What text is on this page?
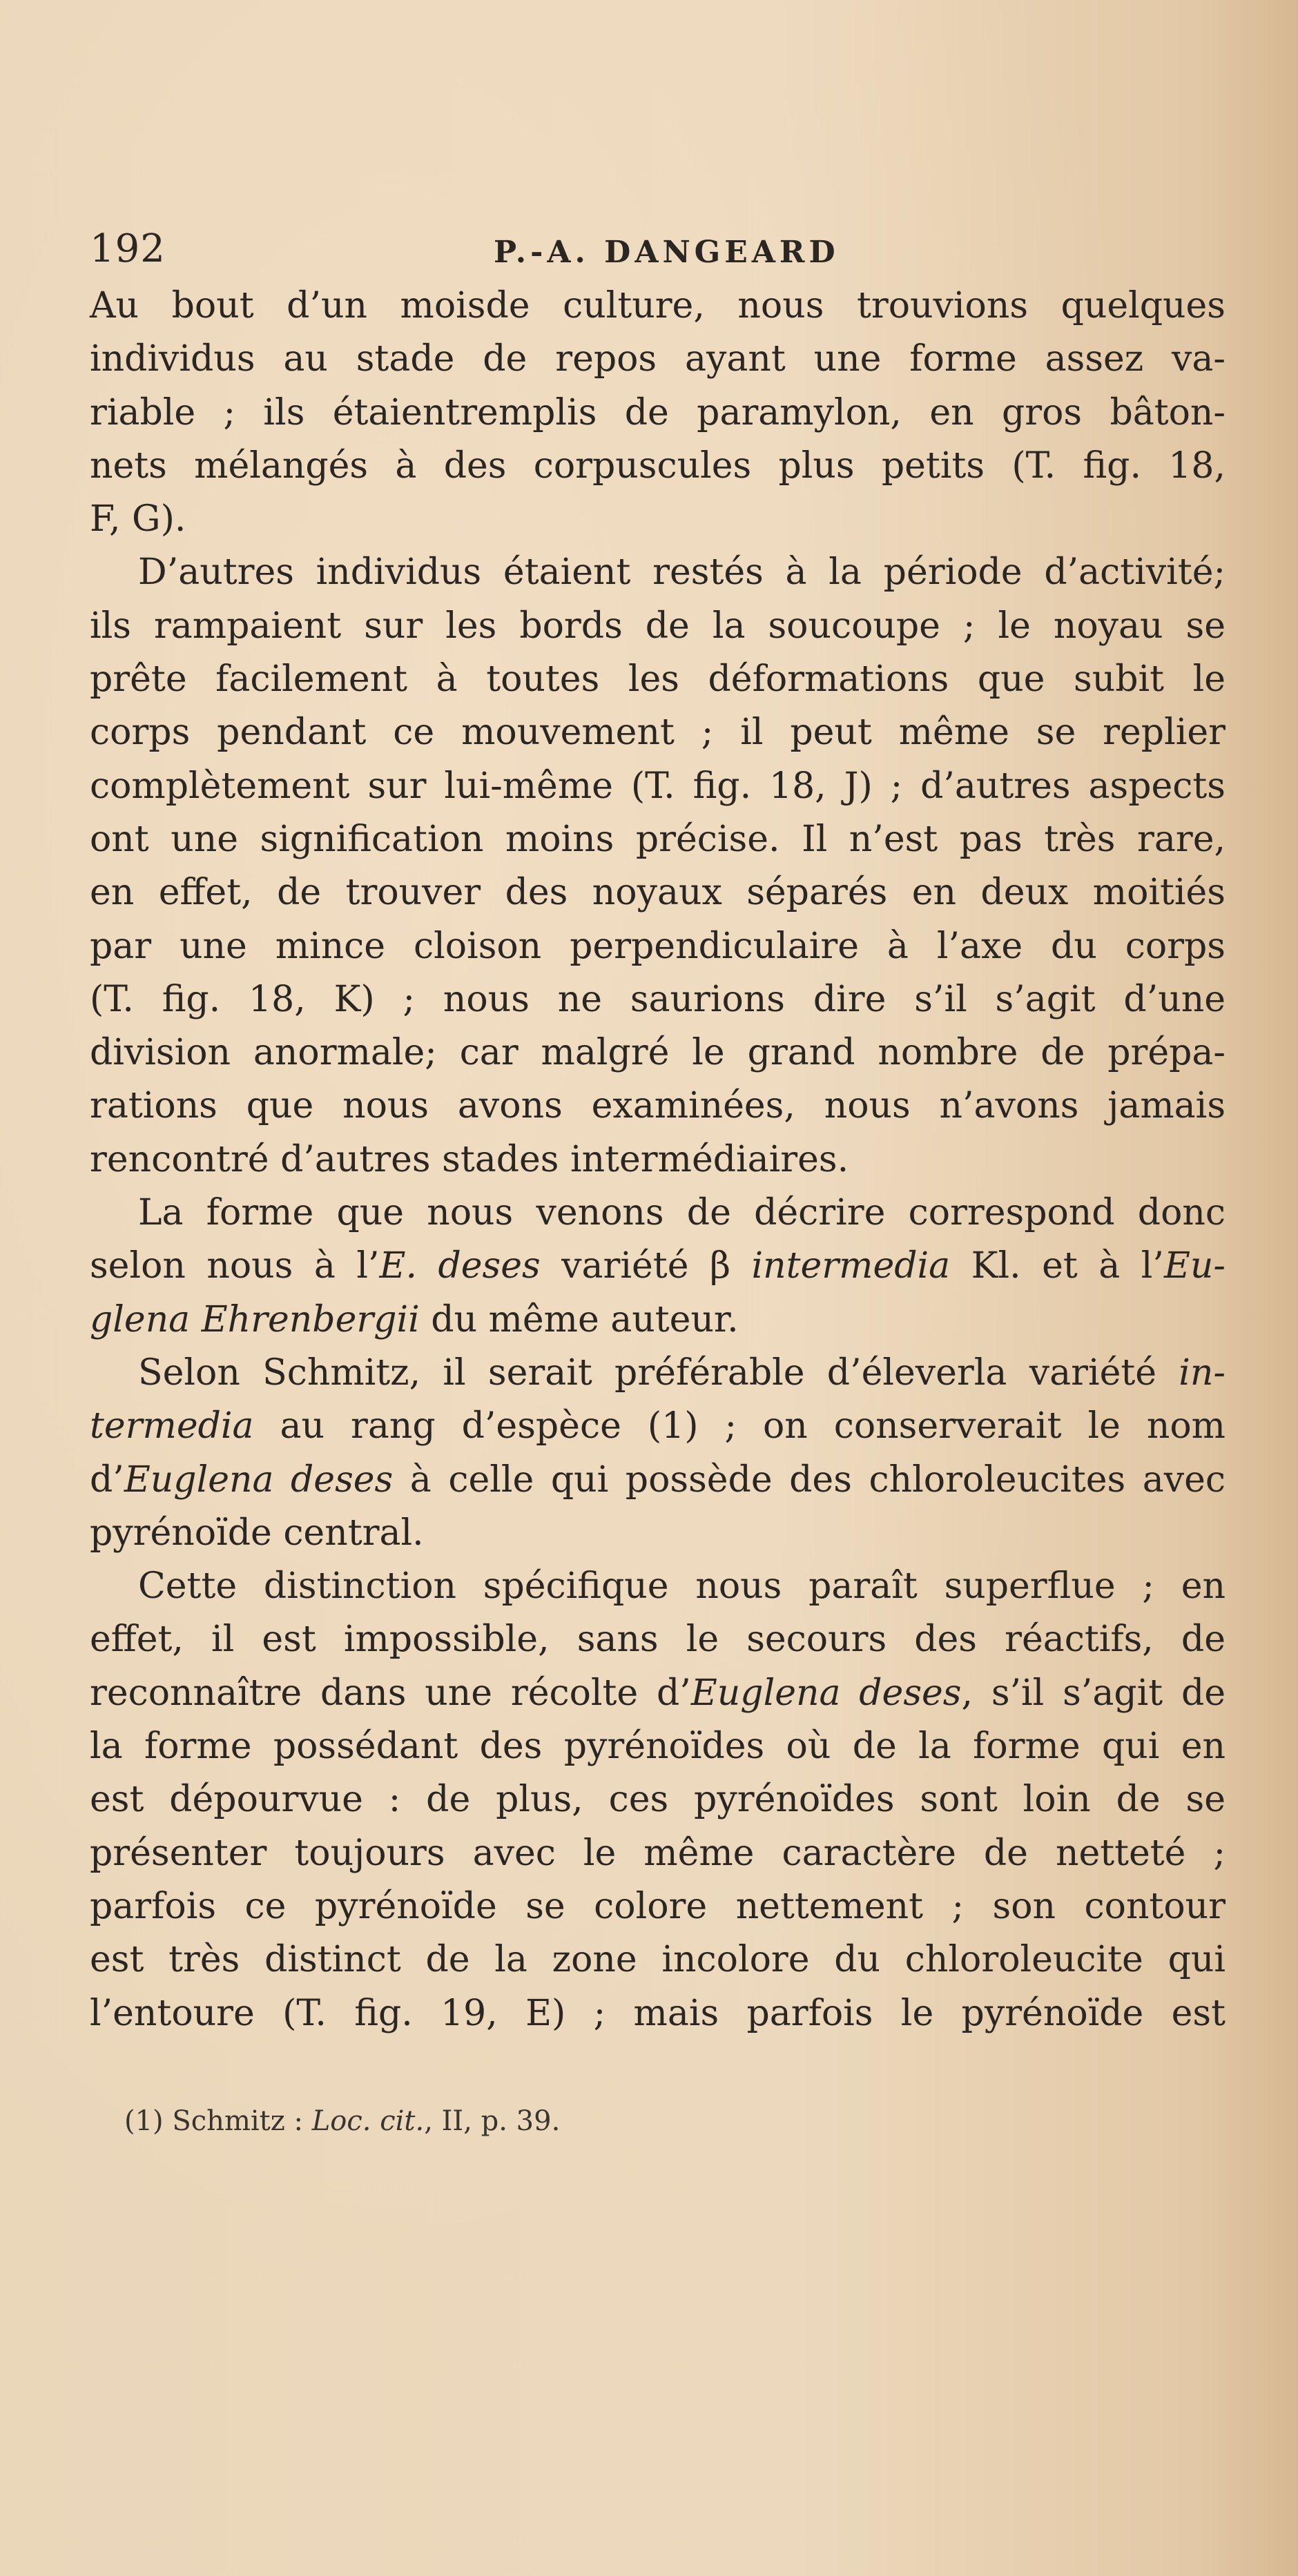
192	P.-A. DANGEARD
Au bout d’un moisde culture, nous trouvions quelques
individus au stade de repos ayant une forme assez va-
riable ; ils étaientremplis de paramylon, en gros bâton-
nets mélangés à des corpuscules plus petits (T. fig. 18,
F, G).
D’autres individus étaient restés à la période d’activité;
ils rampaient sur les bords de la soucoupe ; le noyau se
prête facilement à toutes les déformations que subit le
corps pendant ce mouvement ; il peut même se replier
complètement sur lui-même (T. fig. 18, J) ; d’autres aspects
ont une signification moins précise. Il n’est pas très rare,
en effet, de trouver des noyaux séparés en deux moitiés
par une mince cloison perpendiculaire à l’axe du corps
(T. fig. 18, K) ; nous ne saurions dire s’il s’agit d’une
division anormale; car malgré le grand nombre de prépa-
rations que nous avons examinées, nous n’avons jamais
rencontré d’autres stades intermédiaires.
La forme que nous venons de décrire correspond donc
selon nous à l’E. deses variété β intermedia Kl. et à l’Eu-
glena Ehrenbergii du même auteur.
Selon Schmitz, il serait préférable d’éleverla variété in-
termedia au rang d’espèce (1) ; on conserverait le nom
d’Euglena deses à celle qui possède des chloroleucites avec
pyrénoïde central.
Cette distinction spécifique nous paraît superflue ; en
effet, il est impossible, sans le secours des réactifs, de
reconnaître dans une récolte d’Euglena deses, s’il s’agit de
la forme possédant des pyrénoïdes où de la forme qui en
est dépourvue : de plus, ces pyrénoïdes sont loin de se
présenter toujours avec le même caractère de netteté ;
parfois ce pyrénoïde se colore nettement ; son contour
est très distinct de la zone incolore du chloroleucite qui
l’entoure (T. fig. 19, E) ; mais parfois le pyrénoïde est
(1) Schmitz : Loc. cit., II, p. 39.
